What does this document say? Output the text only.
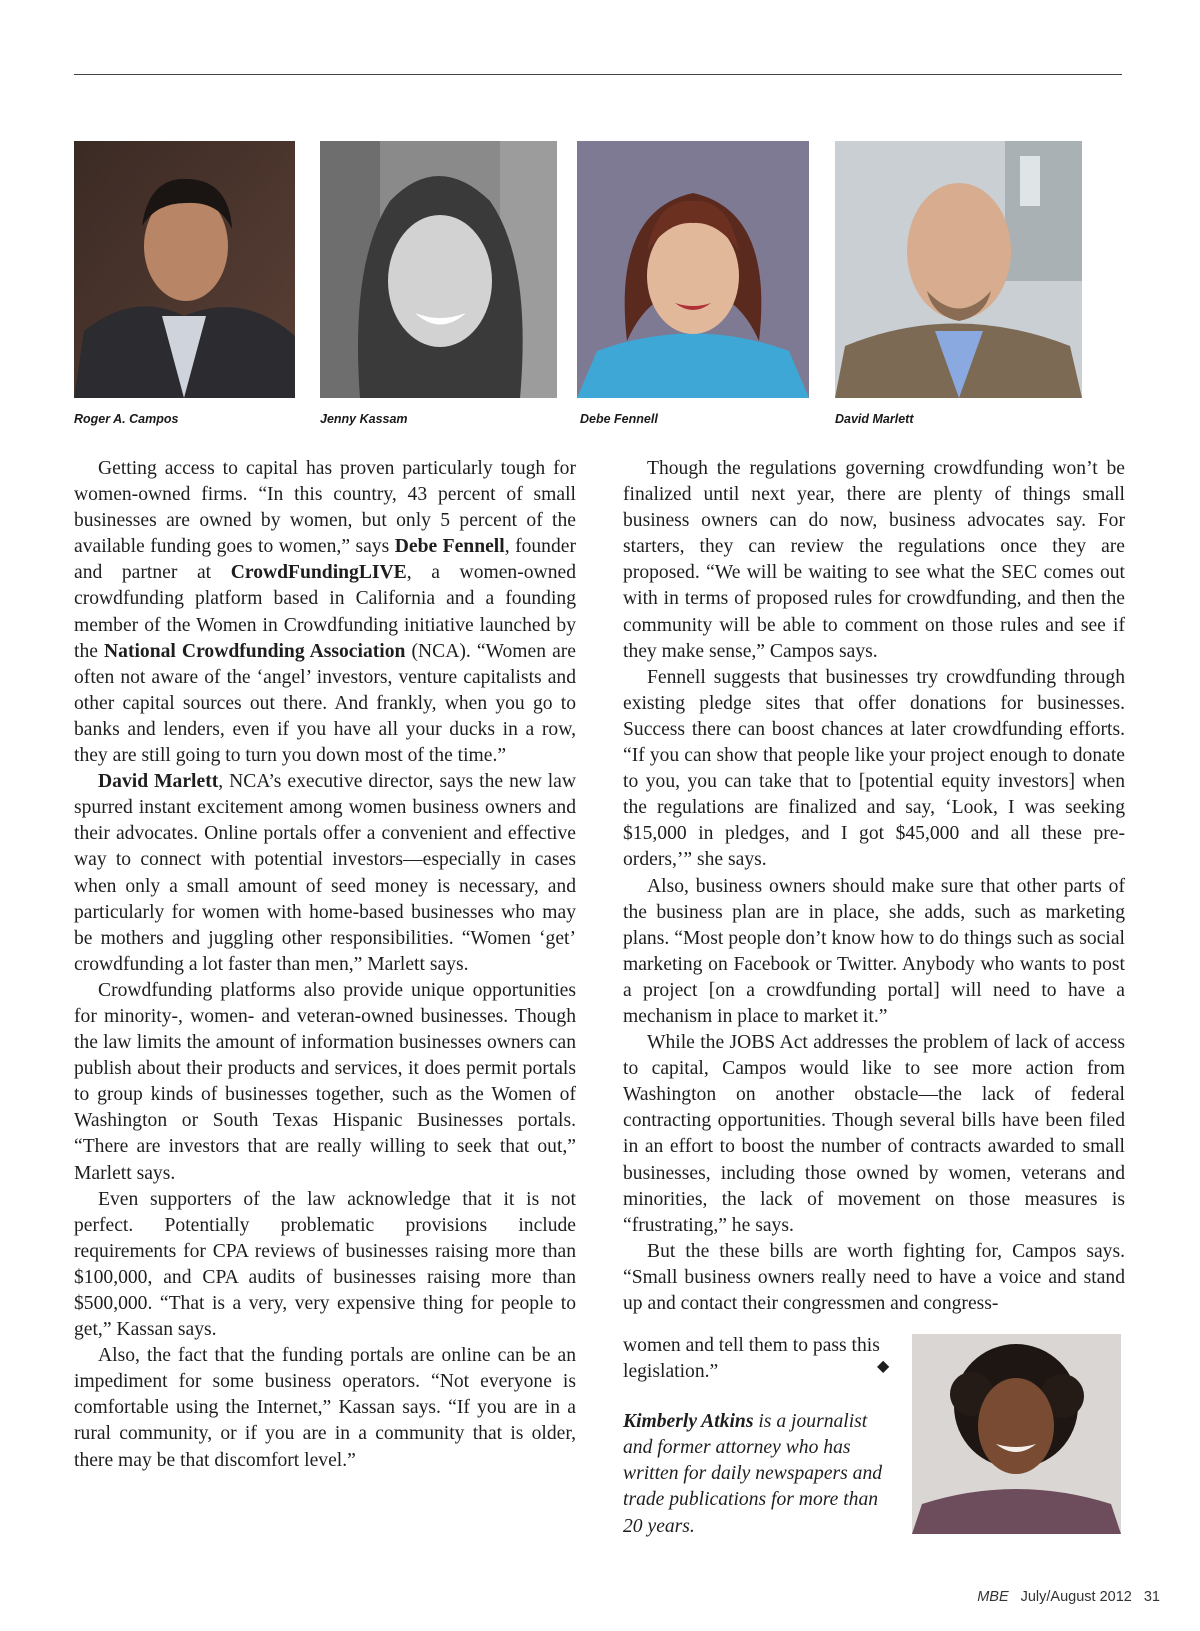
Roger A. Campos	Jenny Kassam	Debe Fennell	David Marlett

Getting access to capital has proven particularly tough for women-owned firms. “In this country, 43 percent of small businesses are owned by women, but only 5 percent of the available funding goes to women,” says Debe Fennell, founder and partner at CrowdFundingLIVE, a women-owned crowdfunding platform based in California and a founding member of the Women in Crowdfunding initiative launched by the National Crowdfunding Association (NCA). “Women are often not aware of the ‘angel’ investors, venture capitalists and other capital sources out there. And frankly, when you go to banks and lenders, even if you have all your ducks in a row, they are still going to turn you down most of the time.”

David Marlett, NCA’s executive director, says the new law spurred instant excitement among women business owners and their advocates. Online portals offer a convenient and effective way to connect with potential investors—especially in cases when only a small amount of seed money is necessary, and particularly for women with home-based businesses who may be mothers and juggling other responsibilities. “Women ‘get’ crowdfunding a lot faster than men,” Marlett says.

Crowdfunding platforms also provide unique opportunities for minority-, women- and veteran-owned businesses. Though the law limits the amount of information businesses owners can publish about their products and services, it does permit portals to group kinds of businesses together, such as the Women of Washington or South Texas Hispanic Businesses portals. “There are investors that are really willing to seek that out,” Marlett says.

Even supporters of the law acknowledge that it is not perfect. Potentially problematic provisions include requirements for CPA reviews of businesses raising more than $100,000, and CPA audits of businesses raising more than $500,000. “That is a very, very expensive thing for people to get,” Kassan says.

Also, the fact that the funding portals are online can be an impediment for some business operators. “Not everyone is comfortable using the Internet,” Kassan says. “If you are in a rural community, or if you are in a community that is older, there may be that discomfort level.”

Though the regulations governing crowdfunding won’t be finalized until next year, there are plenty of things small business owners can do now, business advocates say. For starters, they can review the regulations once they are proposed. “We will be waiting to see what the SEC comes out with in terms of proposed rules for crowdfunding, and then the community will be able to comment on those rules and see if they make sense,” Campos says.

Fennell suggests that businesses try crowdfunding through existing pledge sites that offer donations for businesses. Success there can boost chances at later crowdfunding efforts. “If you can show that people like your project enough to donate to you, you can take that to [potential equity investors] when the regulations are finalized and say, ‘Look, I was seeking $15,000 in pledges, and I got $45,000 and all these pre-orders,’” she says.

Also, business owners should make sure that other parts of the business plan are in place, she adds, such as marketing plans. “Most people don’t know how to do things such as social marketing on Facebook or Twitter. Anybody who wants to post a project [on a crowdfunding portal] will need to have a mechanism in place to market it.”

While the JOBS Act addresses the problem of lack of access to capital, Campos would like to see more action from Washington on another obstacle—the lack of federal contracting opportunities. Though several bills have been filed in an effort to boost the number of contracts awarded to small businesses, including those owned by women, veterans and minorities, the lack of movement on those measures is “frustrating,” he says.

But the these bills are worth fighting for, Campos says. “Small business owners really need to have a voice and stand up and contact their congressmen and congress-

women and tell them to pass this legislation.”	◆

Kimberly Atkins is a journalist and former attorney who has written for daily newspapers and trade publications for more than 20 years.

MBE July/August 2012 31
